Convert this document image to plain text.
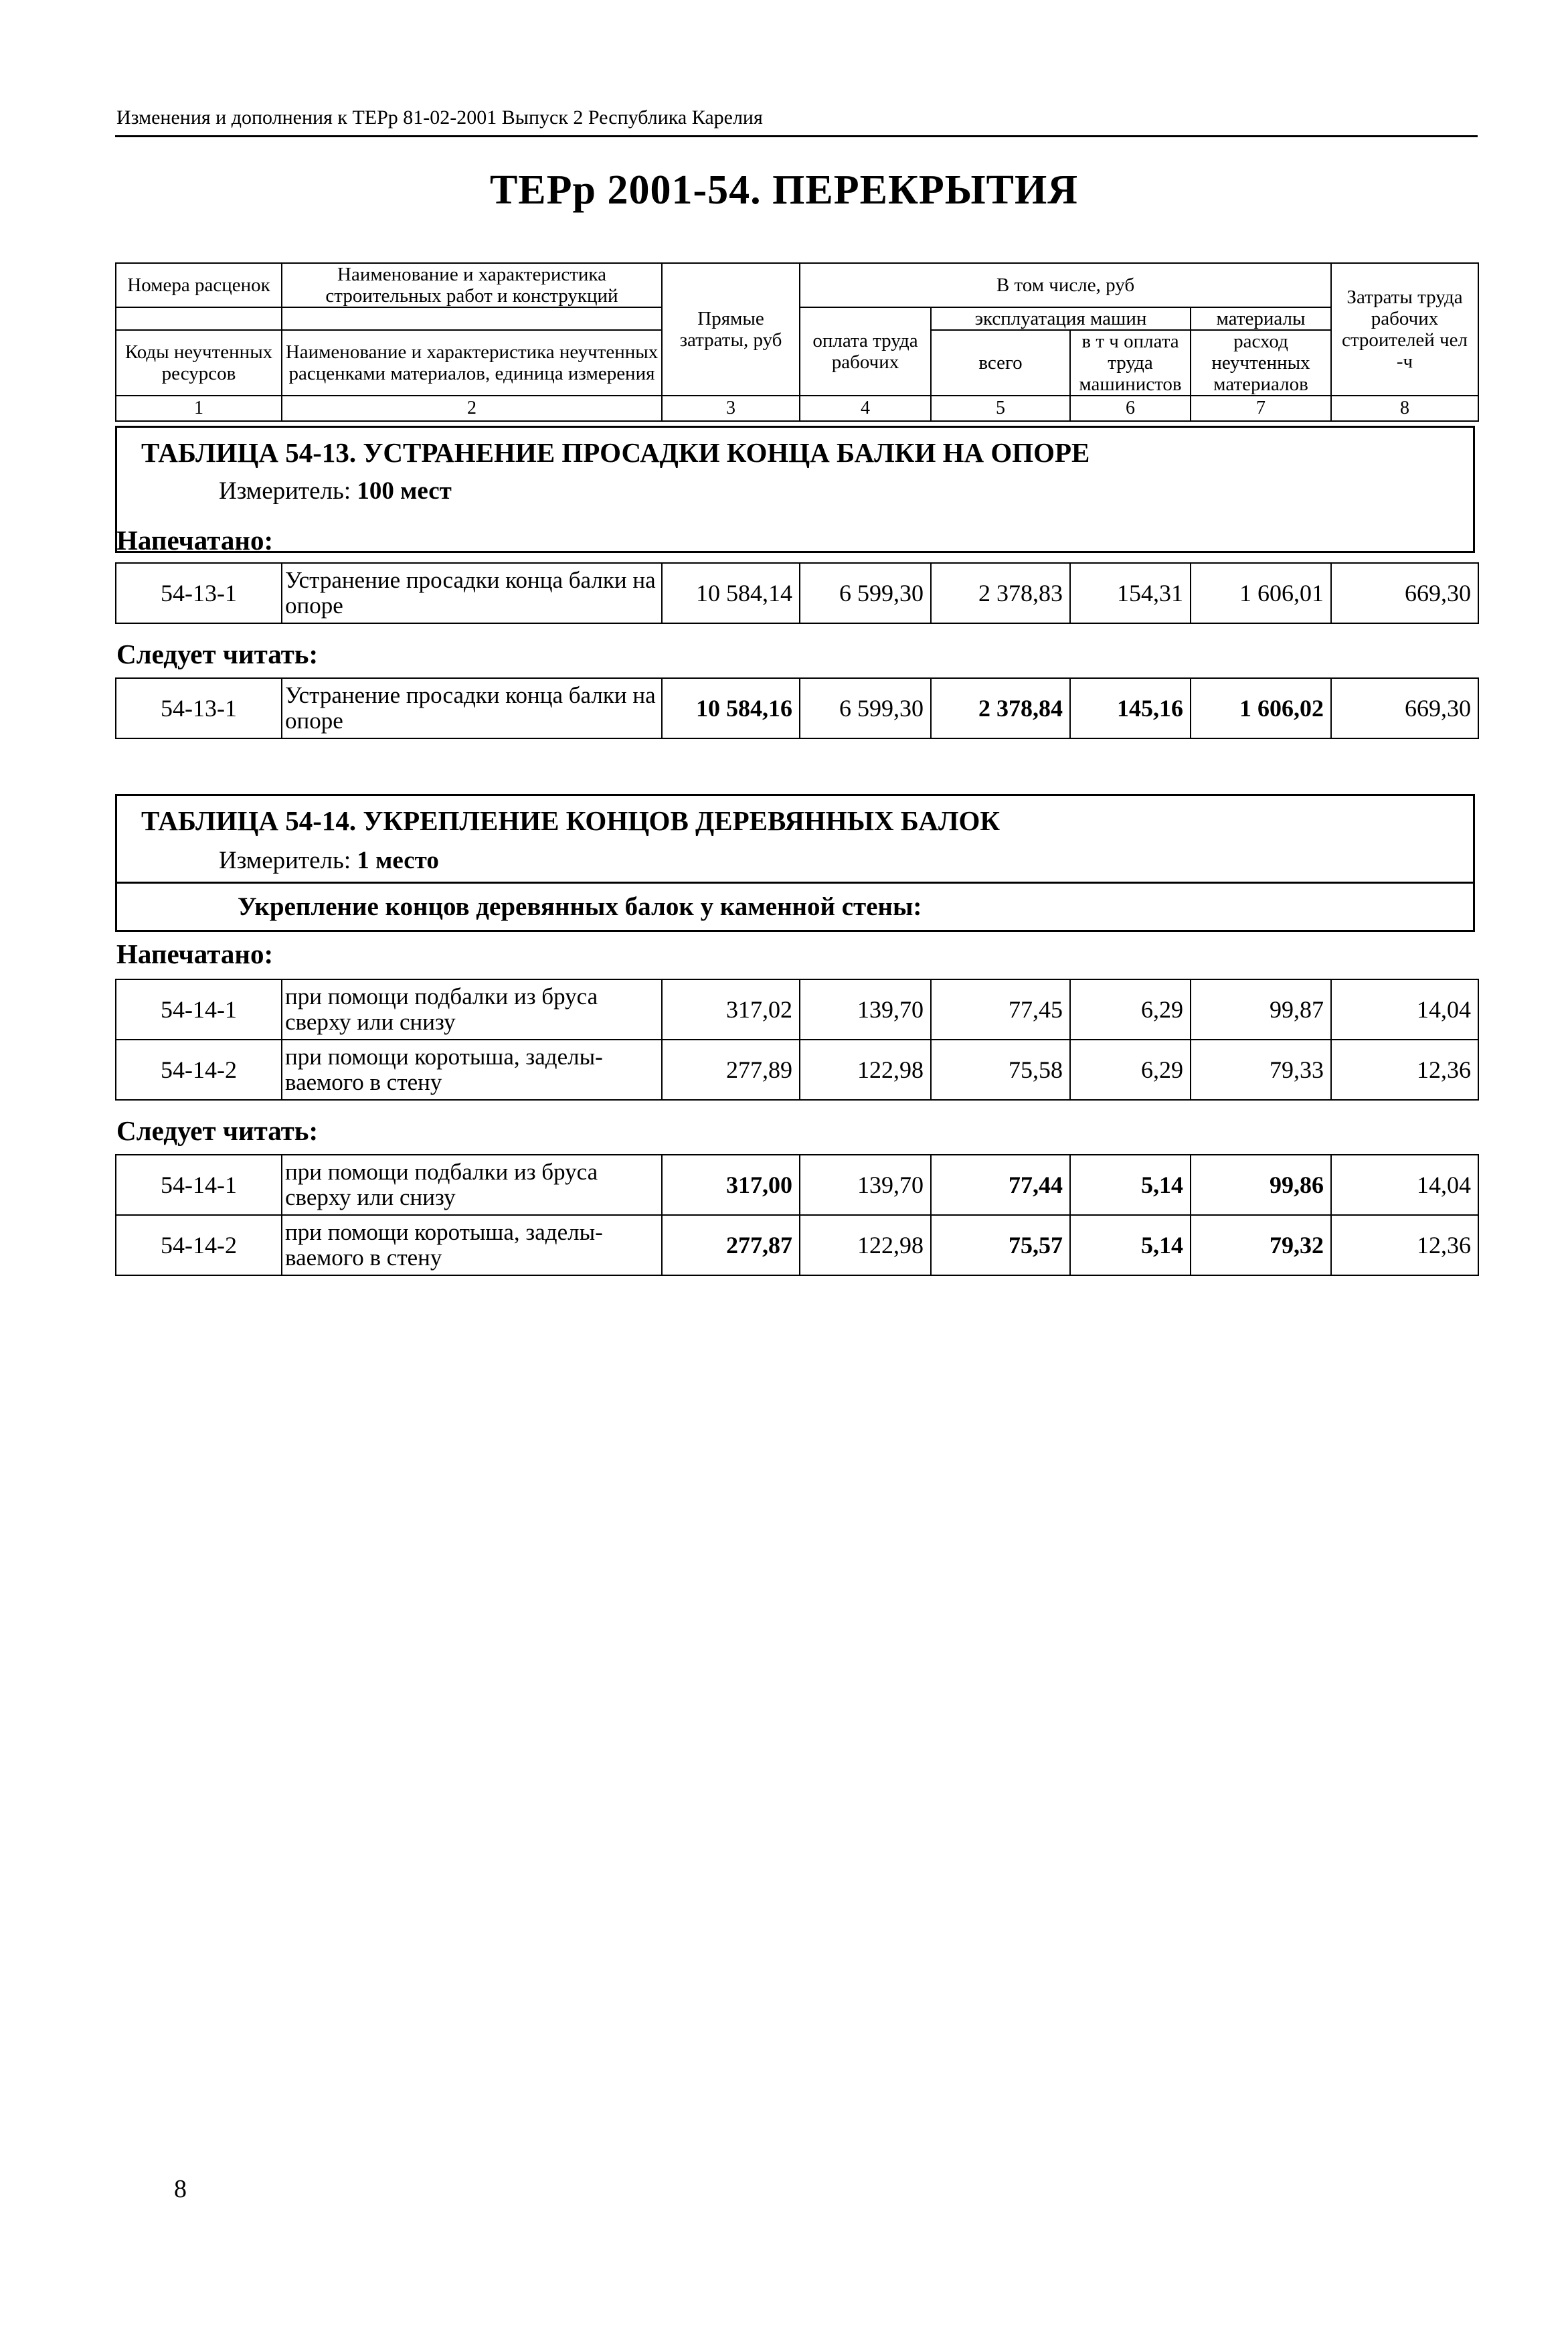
Изменения и дополнения к ТЕРр 81-02-2001 Выпуск 2 Республика Карелия
ТЕРр 2001-54. ПЕРЕКРЫТИЯ
Номера расценок	Наименование и характеристика строительных работ и конструкций	Прямые затраты, руб	В том числе, руб				Затраты труда рабочих строителей чел -ч
			оплата труда рабочих	эксплуатация машин		материалы	
Коды неучтенных ресурсов	Наименование и характеристика неучтенных расценками материалов, единица измерения			всего	в т ч оплата труда машинистов	расход неучтенных материалов	

1	2	3	4	5	6	7	8
ТАБЛИЦА 54-13. УСТРАНЕНИЕ ПРОСАДКИ КОНЦА БАЛКИ НА ОПОРЕ
Измеритель: 100 мест
Напечатано:
54-13-1	Устранение просадки конца балки на опоре	10 584,14	6 599,30	2 378,83	154,31	1 606,01	669,30
Следует читать:
54-13-1	Устранение просадки конца балки на опоре	10 584,16	6 599,30	2 378,84	145,16	1 606,02	669,30
ТАБЛИЦА 54-14. УКРЕПЛЕНИЕ КОНЦОВ ДЕРЕВЯННЫХ БАЛОК
Измеритель: 1 место
Укрепление концов деревянных балок у каменной стены:
Напечатано:
54-14-1	при помощи подбалки из бруса сверху или снизу	317,02	139,70	77,45	6,29	99,87	14,04
54-14-2	при помощи коротыша, заделы-ваемого в стену	277,89	122,98	75,58	6,29	79,33	12,36
Следует читать:
54-14-1	при помощи подбалки из бруса сверху или снизу	317,00	139,70	77,44	5,14	99,86	14,04
54-14-2	при помощи коротыша, заделы-ваемого в стену	277,87	122,98	75,57	5,14	79,32	12,36
8
